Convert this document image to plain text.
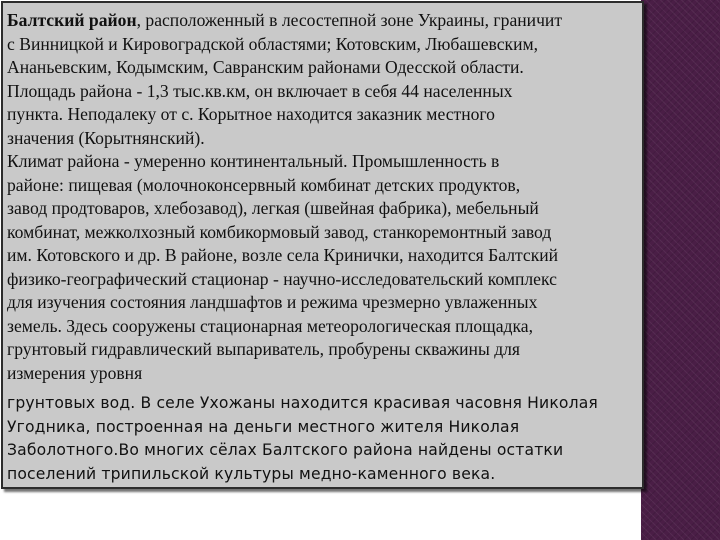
Балтский район, расположенный в лесостепной зоне Украины, граничит
с Винницкой и Кировоградской областями; Котовским, Любашевским,
Ананьевским, Кодымским, Савранским районами Одесской области.
Площадь района - 1,3 тыс.кв.км, он включает в себя 44 населенных
пункта. Неподалеку от с. Корытное находится заказник местного
значения (Корытнянский).
Климат района - умеренно континентальный. Промышленность в
районе: пищевая (молочноконсервный комбинат детских продуктов,
завод продтоваров, хлебозавод), легкая (швейная фабрика), мебельный
комбинат, межколхозный комбикормовый завод, станкоремонтный завод
им. Котовского и др. В районе, возле села Кринички, находится Балтский
физико-географический стационар - научно-исследовательский комплекс
для изучения состояния ландшафтов и режима чрезмерно увлаженных
земель. Здесь сооружены стационарная метеорологическая площадка,
грунтовый гидравлический выпариватель, пробурены скважины для
измерения уровня
грунтовых вод. В селе Ухожаны находится красивая часовня Николая
Угодника, построенная на деньги местного жителя Николая
Заболотного.Во многих сёлах Балтского района найдены остатки
поселений трипильской культуры медно-каменного века.
